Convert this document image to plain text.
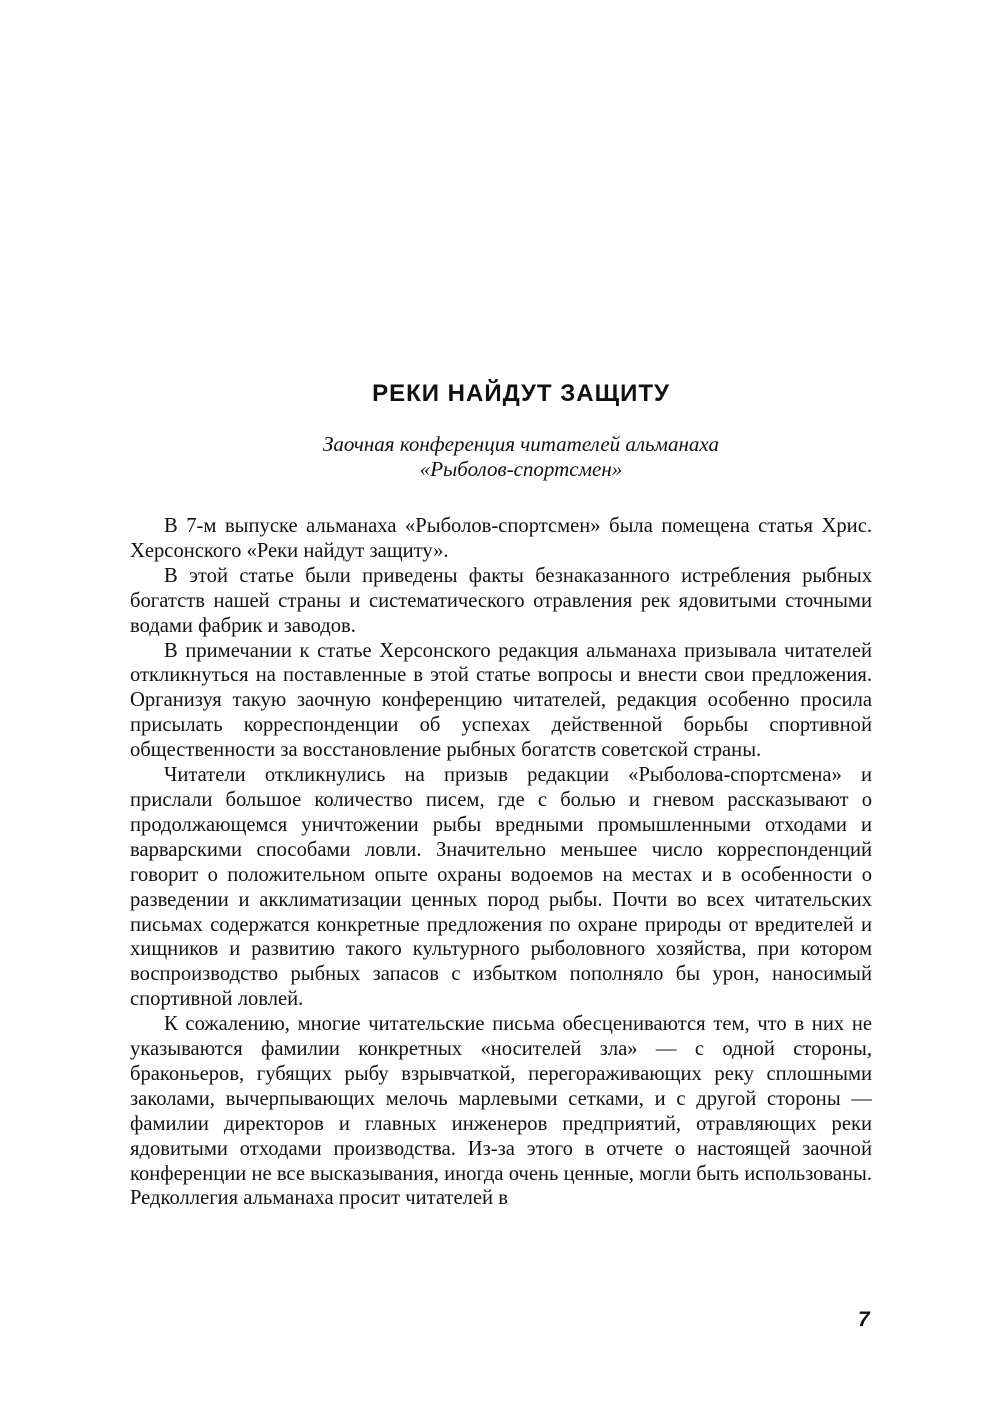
РЕКИ НАЙДУТ ЗАЩИТУ
Заочная конференция читателей альманаха
«Рыболов-спортсмен»

В 7-м выпуске альманаха «Рыболов-спортсмен» была помещена статья Хрис. Херсонского «Реки найдут защиту».

В этой статье были приведены факты безнаказанного истребления рыбных богатств нашей страны и систематического отравления рек ядовитыми сточными водами фабрик и заводов.

В примечании к статье Херсонского редакция альманаха призывала читателей откликнуться на поставленные в этой статье вопросы и внести свои предложения. Организуя такую заочную конференцию читателей, редакция особенно просила присылать корреспонденции об успехах действенной борьбы спортивной общественности за восстановление рыбных богатств советской страны.

Читатели откликнулись на призыв редакции «Рыболова-спортсмена» и прислали большое количество писем, где с болью и гневом рассказывают о продолжающемся уничтожении рыбы вредными промышленными отходами и варварскими способами ловли. Значительно меньшее число корреспонденций говорит о положительном опыте охраны водоемов на местах и в особенности о разведении и акклиматизации ценных пород рыбы. Почти во всех читательских письмах содержатся конкретные предложения по охране природы от вредителей и хищников и развитию такого культурного рыболовного хозяйства, при котором воспроизводство рыбных запасов с избытком пополняло бы урон, наносимый спортивной ловлей.

К сожалению, многие читательские письма обесцениваются тем, что в них не указываются фамилии конкретных «носителей зла» — с одной стороны, браконьеров, губящих рыбу взрывчаткой, перегораживающих реку сплошными заколами, вычерпывающих мелочь марлевыми сетками, и с другой стороны — фамилии директоров и главных инженеров предприятий, отравляющих реки ядовитыми отходами производства. Из-за этого в отчете о настоящей заочной конференции не все высказывания, иногда очень ценные, могли быть использованы. Редколлегия альманаха просит читателей в

7
